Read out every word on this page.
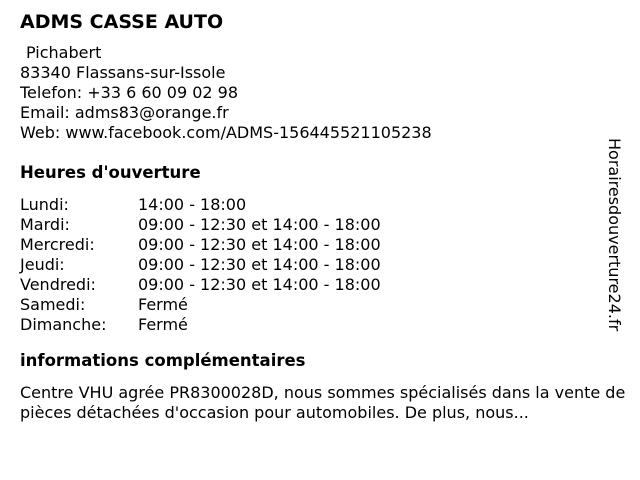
ADMS CASSE AUTO
Pichabert
83340 Flassans-sur-Issole
Telefon: +33 6 60 09 02 98
Email: adms83@orange.fr
Web: www.facebook.com/ADMS-156445521105238
Heures d'ouverture
Lundi:	14:00 - 18:00
Mardi:	09:00 - 12:30 et 14:00 - 18:00
Mercredi:	09:00 - 12:30 et 14:00 - 18:00
Jeudi:	09:00 - 12:30 et 14:00 - 18:00
Vendredi:	09:00 - 12:30 et 14:00 - 18:00
Samedi:	Fermé
Dimanche:	Fermé
informations complémentaires
Centre VHU agrée PR8300028D, nous sommes spécialisés dans la vente de pièces détachées d'occasion pour automobiles. De plus, nous...
Horairesdouverture24.fr
